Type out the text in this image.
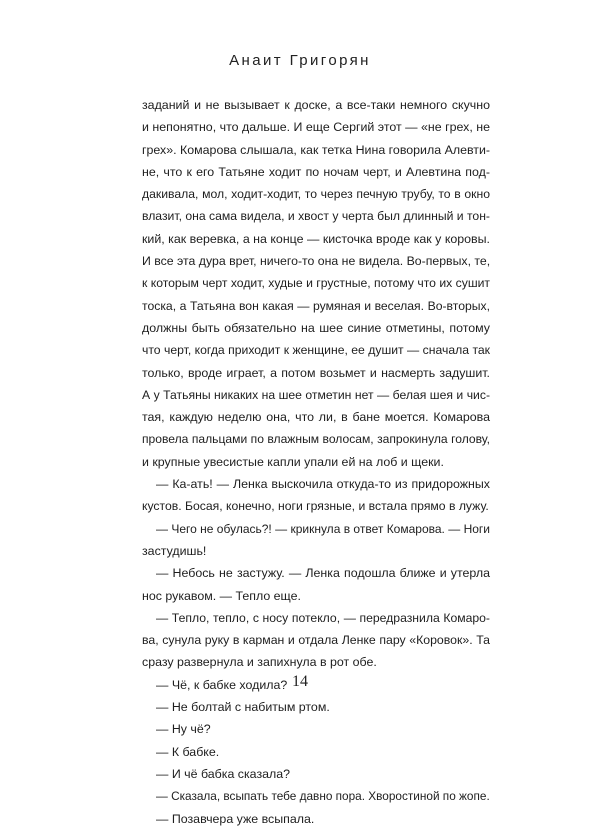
Анаит Григорян
заданий и не вызывает к доске, а все-таки немного скучно
и непонятно, что дальше. И еще Сергий этот — «не грех, не
грех». Комарова слышала, как тетка Нина говорила Алевти-
не, что к его Татьяне ходит по ночам черт, и Алевтина под-
дакивала, мол, ходит-ходит, то через печную трубу, то в окно
влазит, она сама видела, и хвост у черта был длинный и тон-
кий, как веревка, а на конце — кисточка вроде как у коровы.
И все эта дура врет, ничего-то она не видела. Во-первых, те,
к которым черт ходит, худые и грустные, потому что их сушит
тоска, а Татьяна вон какая — румяная и веселая. Во-вторых,
должны быть обязательно на шее синие отметины, потому
что черт, когда приходит к женщине, ее душит — сначала так
только, вроде играет, а потом возьмет и насмерть задушит.
А у Татьяны никаких на шее отметин нет — белая шея и чис-
тая, каждую неделю она, что ли, в бане моется. Комарова
провела пальцами по влажным волосам, запрокинула голову,
и крупные увесистые капли упали ей на лоб и щеки.
— Ка-ать! — Ленка выскочила откуда-то из придорожных
кустов. Босая, конечно, ноги грязные, и встала прямо в лужу.
— Чего не обулась?! — крикнула в ответ Комарова. — Ноги
застудишь!
— Небось не застужу. — Ленка подошла ближе и утерла
нос рукавом. — Тепло еще.
— Тепло, тепло, с носу потекло, — передразнила Комаро-
ва, сунула руку в карман и отдала Ленке пару «Коровок». Та
сразу развернула и запихнула в рот обе.
— Чё, к бабке ходила?
— Не болтай с набитым ртом.
— Ну чё?
— К бабке.
— И чё бабка сказала?
— Сказала, всыпать тебе давно пора. Хворостиной по жопе.
— Позавчера уже всыпала.
14
